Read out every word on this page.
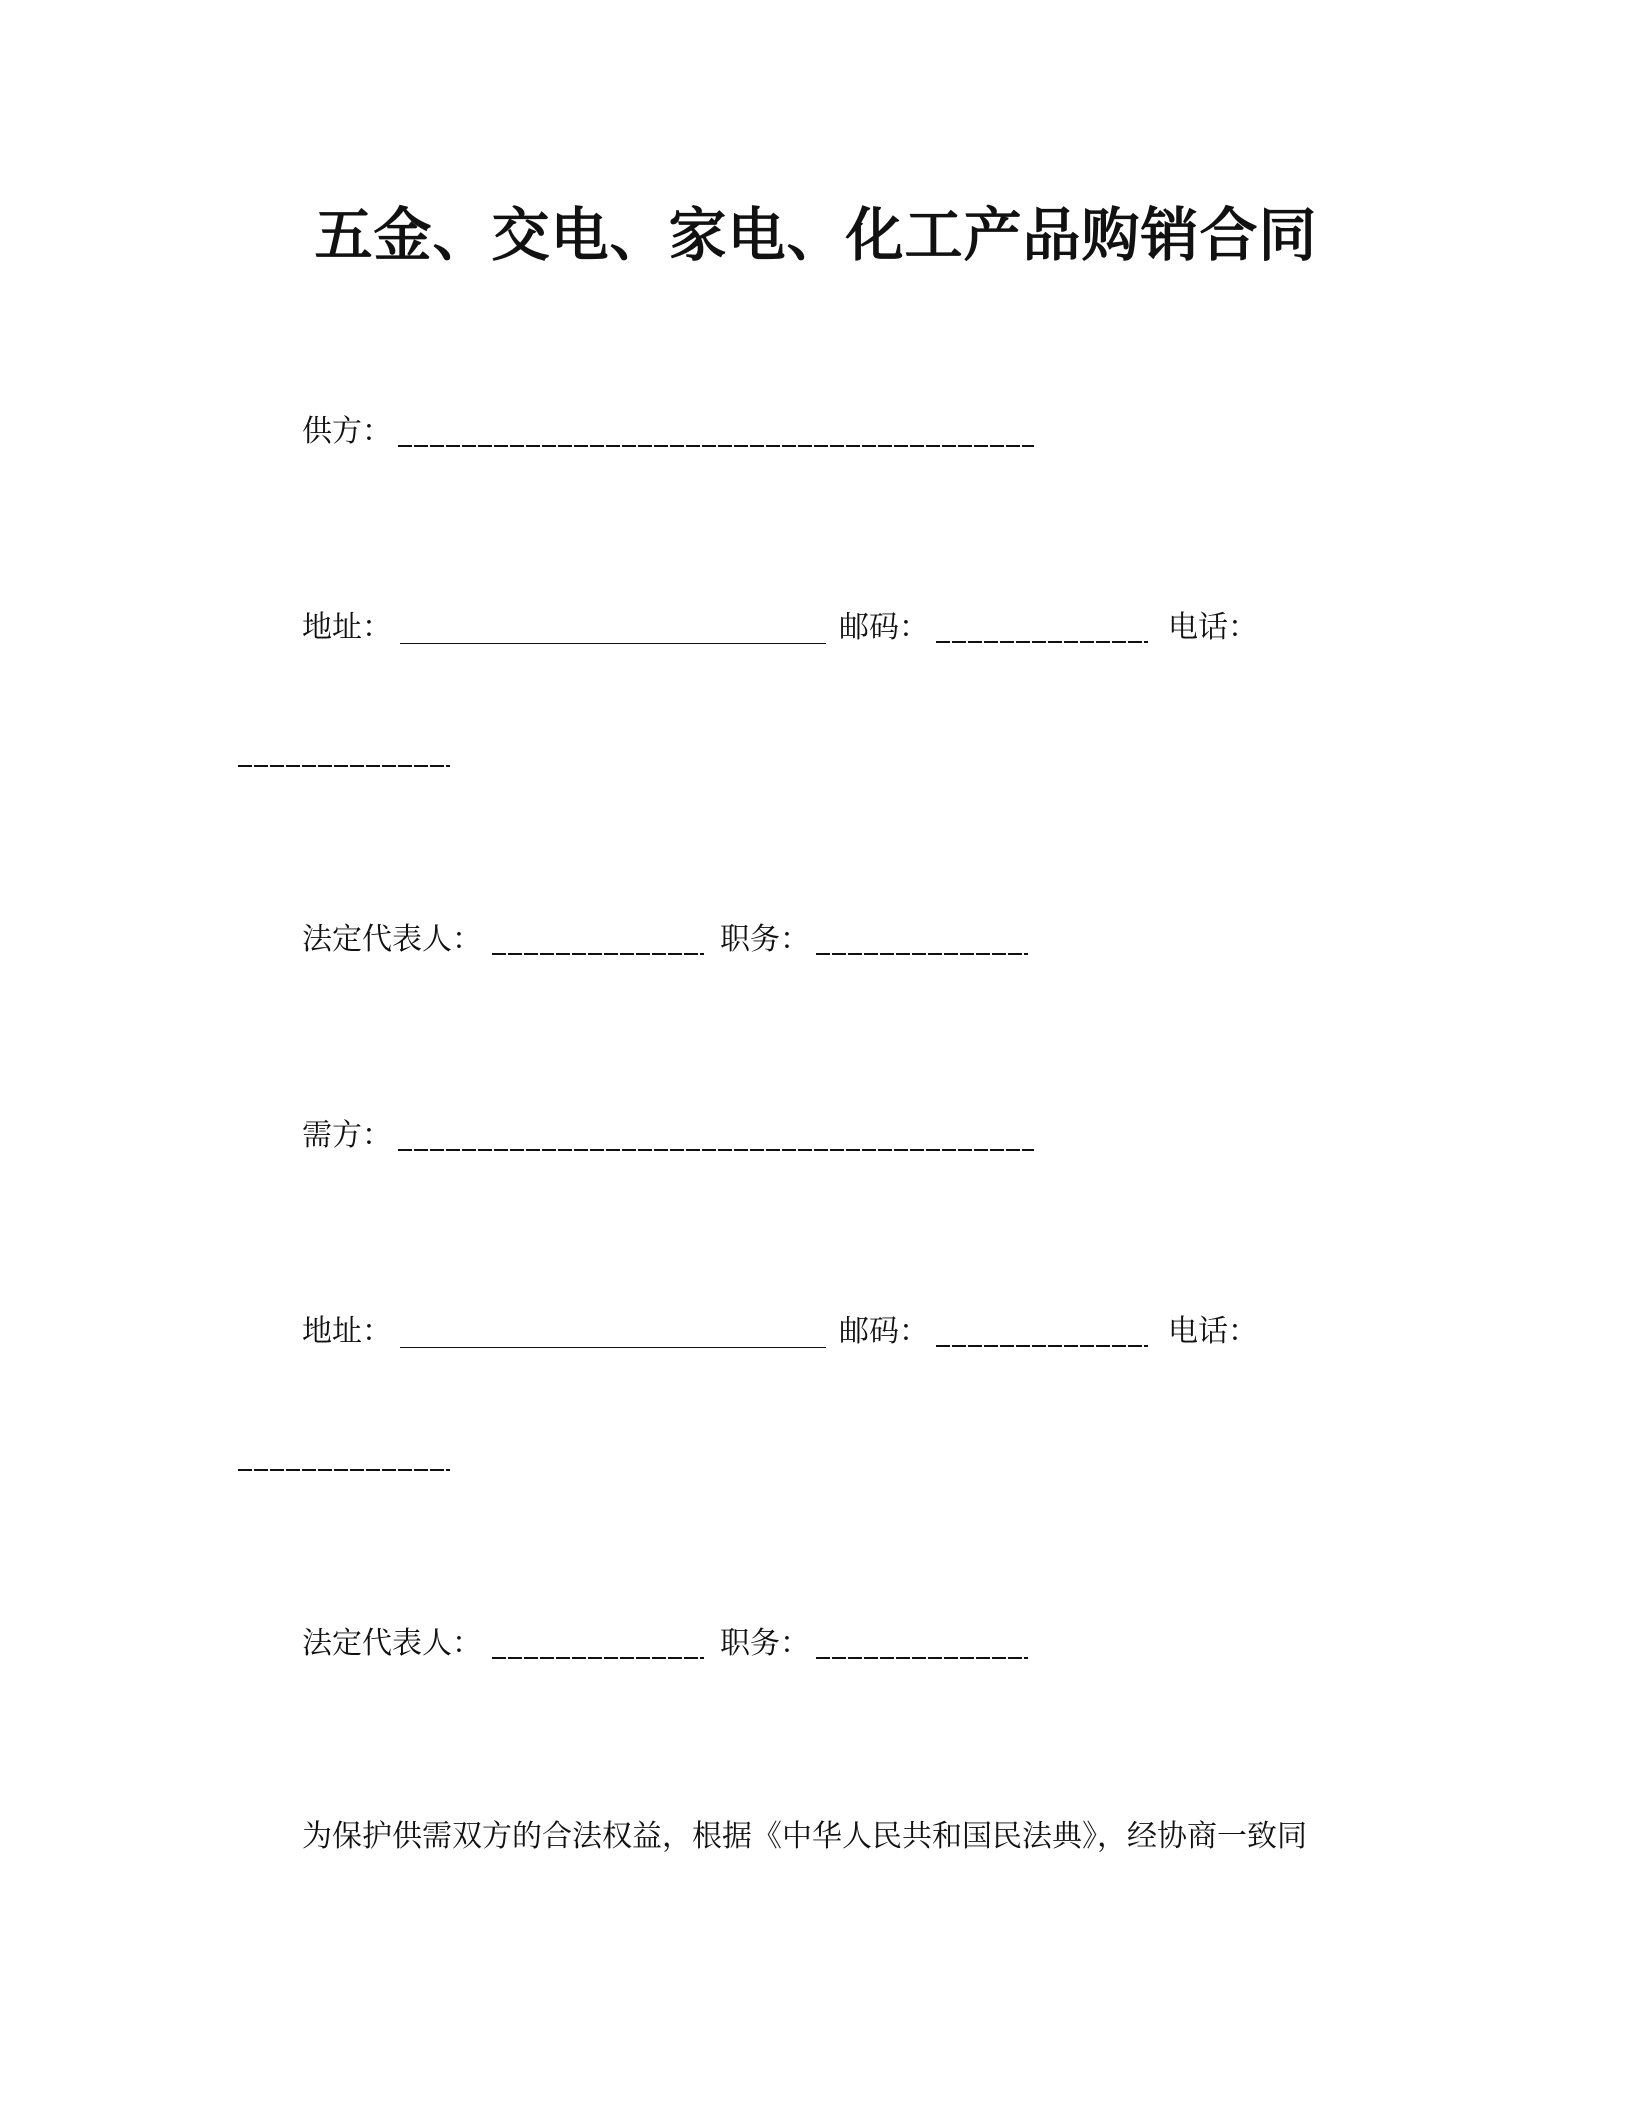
五金、交电、家电、化工产品购销合同
供方：
地址：	邮码：	电话：
法定代表人：	职务：
需方：
地址：	邮码：	电话：
法定代表人：	职务：
为保护供需双方的合法权益，根据《中华人民共和国民法典》，经协商一致同
